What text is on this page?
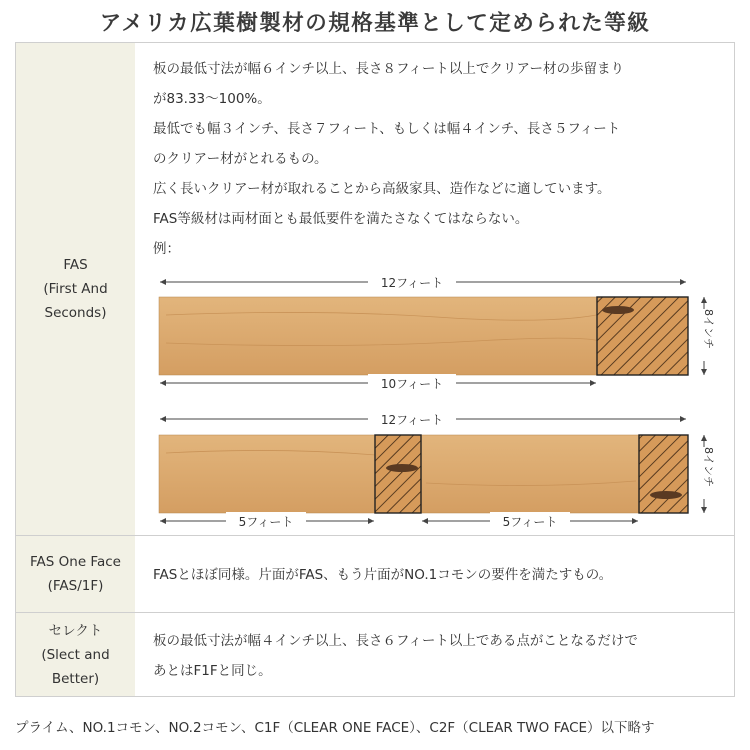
アメリカ広葉樹製材の規格基準として定められた等級
FAS
(First And
Seconds)
板の最低寸法が幅６インチ以上、長さ８フィート以上でクリアー材の歩留まり
が83.33〜100%。
最低でも幅３インチ、長さ７フィート、もしくは幅４インチ、長さ５フィート
のクリアー材がとれるもの。
広く長いクリアー材が取れることから高級家具、造作などに適しています。
FAS等級材は両材面とも最低要件を満たさなくてはならない。
例：
12フィート
8インチ
10フィート
12フィート
8インチ
5フィート	5フィート
FAS One Face
(FAS/1F)
FASとほぼ同様。片面がFAS、もう片面がNO.1コモンの要件を満たすもの。
セレクト
(Slect and
Better)
板の最低寸法が幅４インチ以上、長さ６フィート以上である点がことなるだけで
あとはF1Fと同じ。
プライム、NO.1コモン、NO.2コモン、C1F（CLEAR ONE FACE）、C2F（CLEAR TWO FACE）以下略す
